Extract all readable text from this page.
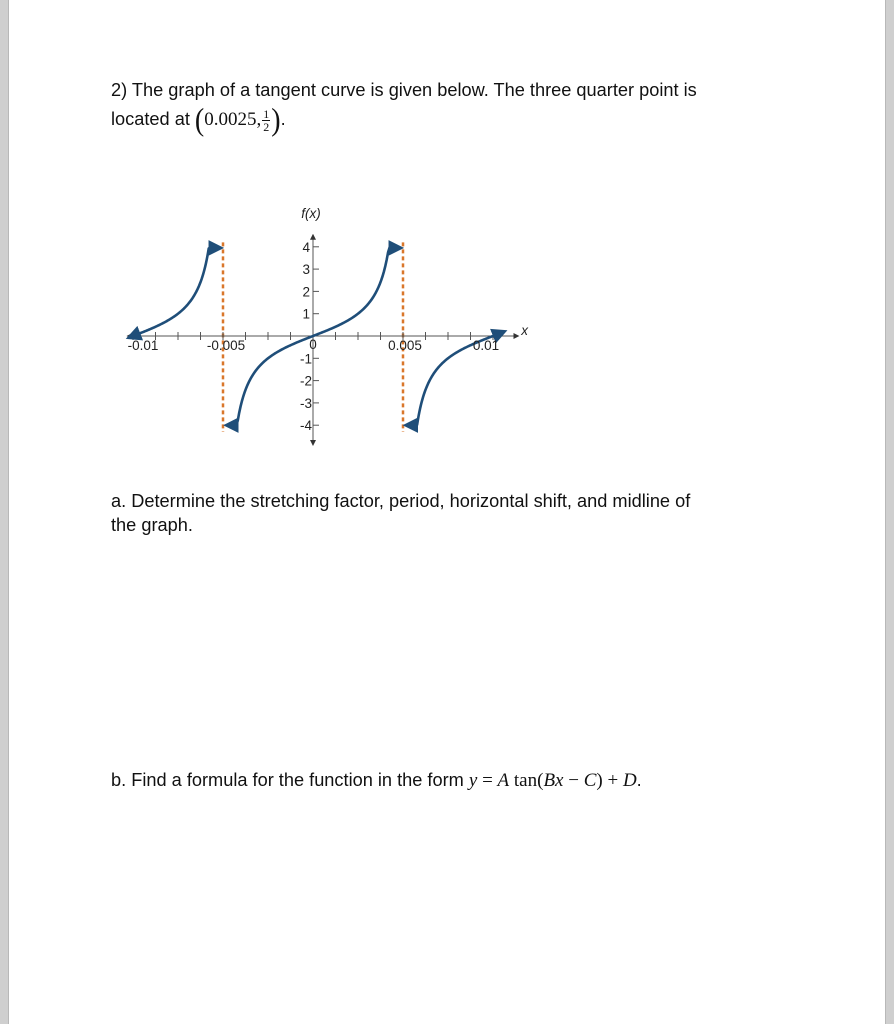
2) The graph of a tangent curve is given below. The three quarter point is
located at (0.0025, $\frac{1}{2}$ ).
a. Determine the stretching factor, period, horizontal shift, and midline of
the graph.
b. Find a formula for the function in the form y = A tan(Bx − C) + D.
-0.01	-0.005	0	0.005	0.01
4
3
2
1
-1
-2
-3
-4
f(x)
x
